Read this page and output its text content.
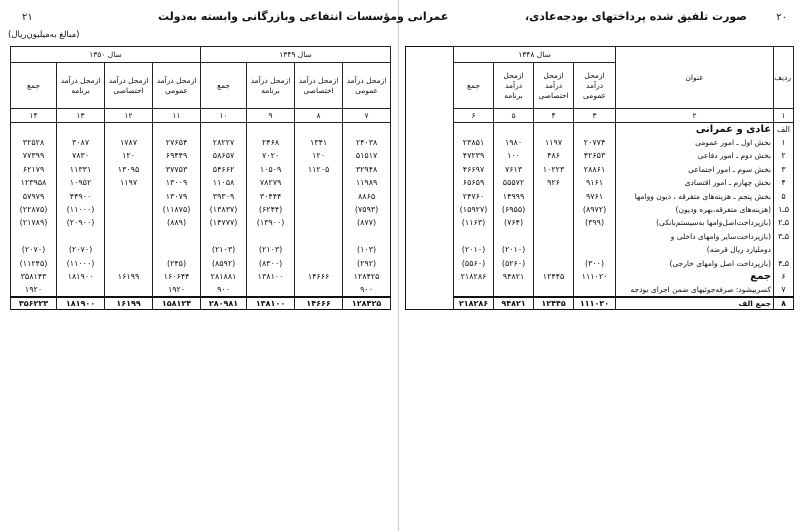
۲۱	عمرانی ومؤسسات انتفاعی وبازرگانی وابسته به‌دولت
(مبالغ به‌میلیون‌ریال)
سال ۱۳۴۹				سال ۱۳۵۰			
ازمحل درآمد عمومی	ازمحل درآمد اختصاصی	ازمحل درآمد برنامه	جمع	ازمحل درآمد عمومی	ازمحل درآمد اختصاصی	ازمحل درآمد برنامه	جمع
۷	۸	۹	۱۰	۱۱	۱۲	۱۳	۱۴

۲۴۰۳۸	۱۳۴۱	۲۴۶۸	۲۸۲۲۷	۲۷۶۵۴	۱۷۸۷	۳۰۸۷	۳۲۵۲۸
۵۱۵۱۷	۱۲۰	۷۰۲۰	۵۸۶۵۷	۶۹۴۴۹	۱۲۰	۷۸۳۰	۷۷۳۹۹
۳۲۹۴۸	۱۱۲۰۵	۱۰۵۰۹	۵۴۶۶۲	۳۷۷۵۳	۱۳۰۹۵	۱۱۳۳۱	۶۲۱۷۹
۱۱۹۸۹		۷۸۲۷۹	۱۱۰۵۸	۱۳۰۰۹	۱۱۹۷	۱۰۹۵۲	۱۲۳۹۵۸
۸۸۶۵		۳۰۴۴۴	۳۹۳۰۹	۱۳۰۷۹		۴۴۹۰۰	۵۷۹۷۹
(۷۵۹۳)		(۶۲۴۴)	(۱۳۸۳۷)	(۱۱۸۷۵)		(۱۱۰۰۰)	(۲۲۸۷۵)
(۸۷۷)		(۱۳۹۰۰)	(۱۴۷۷۷)	(۸۸۹)		(۲۰۹۰۰)	(۲۱۷۸۹)

(۱۰۳)		(۲۱۰۳)	(۲۱۰۳)			(۲۰۷۰)	(۲۰۷۰)
(۲۹۲)		(۸۳۰۰)	(۸۵۹۲)	(۲۴۵)		(۱۱۰۰۰)	(۱۱۲۴۵)
۱۲۸۴۲۵	۱۴۶۶۶	۱۳۸۱۰۰	۲۸۱۸۸۱	۱۶۰۶۴۴	۱۶۱۹۹	۱۸۱۹۰۰	۳۵۸۱۴۳
۹۰۰			۹۰۰	۱۹۲۰			۱۹۲۰
۱۲۸۴۲۵	۱۴۶۶۶	۱۳۸۱۰۰	۲۸۰۹۸۱	۱۵۸۱۲۴	۱۶۱۹۹	۱۸۱۹۰۰	۳۵۶۲۲۳
۲۰
صورت تلفیق شده پرداختهای بودجه‌عادی،
ردیف	عنوان	سال ۱۳۴۸				
		ازمحل درآمد عمومی	ازمحل درآمد اختصاصی	ازمحل درآمد برنامه	جمع	
۱	۲	۳	۴	۵	۶	
الف	عادی و عمرانی					
۱	بخش اول ـ امور عمومی	۲۰۷۷۴	۱۱۹۷	۱۹۸۰	۲۳۸۵۱	
۲	بخش دوم ـ امور دفاعی	۴۲۶۵۳	۴۸۶	۱۰۰	۴۷۲۳۹	
۳	بخش سوم ـ امور اجتماعی	۲۸۸۶۱	۱۰۲۲۳	۷۶۱۳	۴۶۶۹۷	
۴	بخش چهارم ـ امور اقتصادی	۹۱۶۱	۹۲۶	۵۵۵۷۲	۶۵۶۵۹	
۵	بخش پنجم ـ هزینه‌های متفرقه ، دیون ووامها	۹۷۶۱		۱۴۹۹۹	۲۴۷۶۰	
۵ـ۱	(هزینه‌های متفرقه،بهره ودیون)	(۸۹۷۲)		(۶۹۵۵)	(۱۵۹۲۷)	
۵ـ۲	(بازپرداخت‌اصل‌وامها به‌سیستم‌بانکی)	(۳۹۹)		(۷۶۴)	(۱۱۶۳)	
۵ـ۳	(بازپرداخت‌سایر وامهای داخلی و					
	دوملیارد ریال قرضه)			(۲۰۱۰)	(۲۰۱۰)	
۵ـ۴	(بازپرداخت اصل وامهای خارجی)	(۳۰۰)		(۵۲۶۰)	(۵۵۶۰)	
۶	جمع	۱۱۱۰۲۰	۱۲۴۴۵	۹۴۸۲۱	۲۱۸۲۸۶	
۷	کسربیشود: صرفه‌جوئیهای ضمن اجرای بودجه					
۸	جمع الف	۱۱۱۰۲۰	۱۲۴۴۵	۹۴۸۲۱	۲۱۸۲۸۶	
